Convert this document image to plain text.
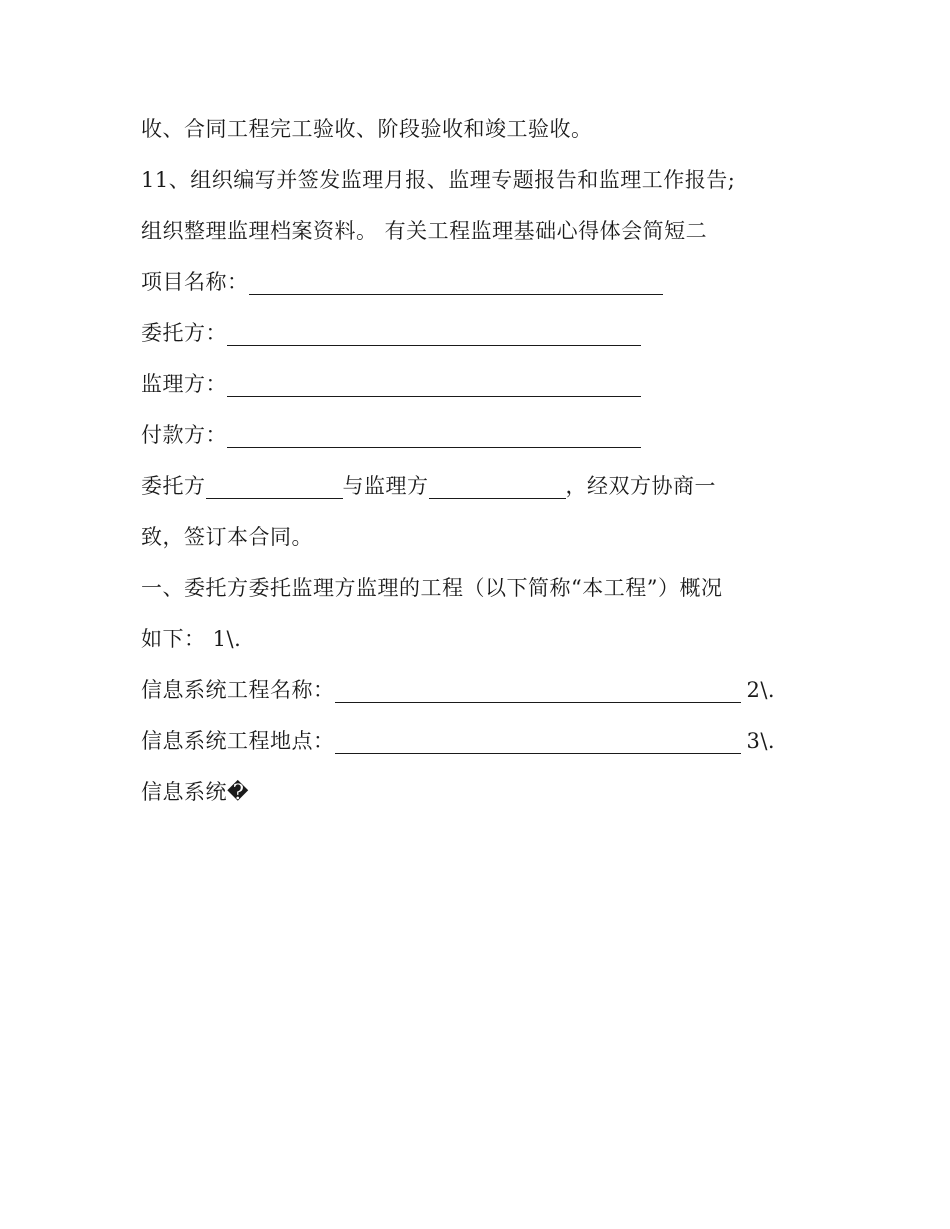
收、合同工程完工验收、阶段验收和竣工验收。
11、组织编写并签发监理月报、监理专题报告和监理工作报告;
组织整理监理档案资料。 有关工程监理基础心得体会简短二
项目名称：
委托方：
监理方：
付款方：
委托方	与监理方	，经双方协商一
致，签订本合同。
一、委托方委托监理方监理的工程（以下简称“本工程”）概况
如下： 1\.
信息系统工程名称：	2\.
信息系统工程地点：	3\.
信息系统�
